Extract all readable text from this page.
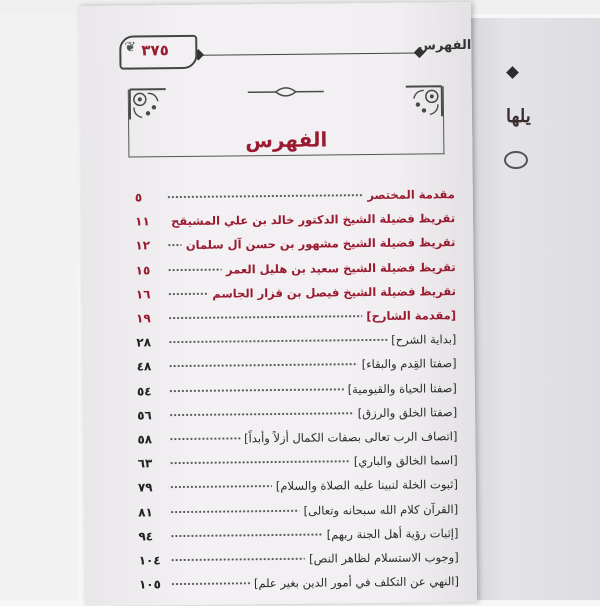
يلها
❦ ٣٧٥	الفهرس
الفهرس
٥	مقدمة المختصر
١١	تقريظ فضيلة الشيخ الدكتور خالد بن علي المشيقح
١٢	تقريظ فضيلة الشيخ مشهور بن حسن آل سلمان
١٥	تقريظ فضيلة الشيخ سعيد بن هليل العمر
١٦	تقريظ فضيلة الشيخ فيصل بن قزار الجاسم
١٩	[مقدمة الشارح]
٢٨	[بداية الشرح]
٤٨	[صفتا القِدم والبقاء]
٥٤	[صفتا الحياة والقيومية]
٥٦	[صفتا الخلق والرزق]
٥٨	[اتصاف الرب تعالى بصفات الكمال أزلاً وأبداً]
٦٣	[اسما الخالق والباري]
٧٩	[ثبوت الخلة لنبينا عليه الصلاة والسلام]
٨١	[القرآن كلام الله سبحانه وتعالى]
٩٤	[إثبات رؤية أهل الجنة ربهم]
١٠٤	[وجوب الاستسلام لظاهر النص]
١٠٥	[النهي عن التكلف في أمور الدين بغير علم]
